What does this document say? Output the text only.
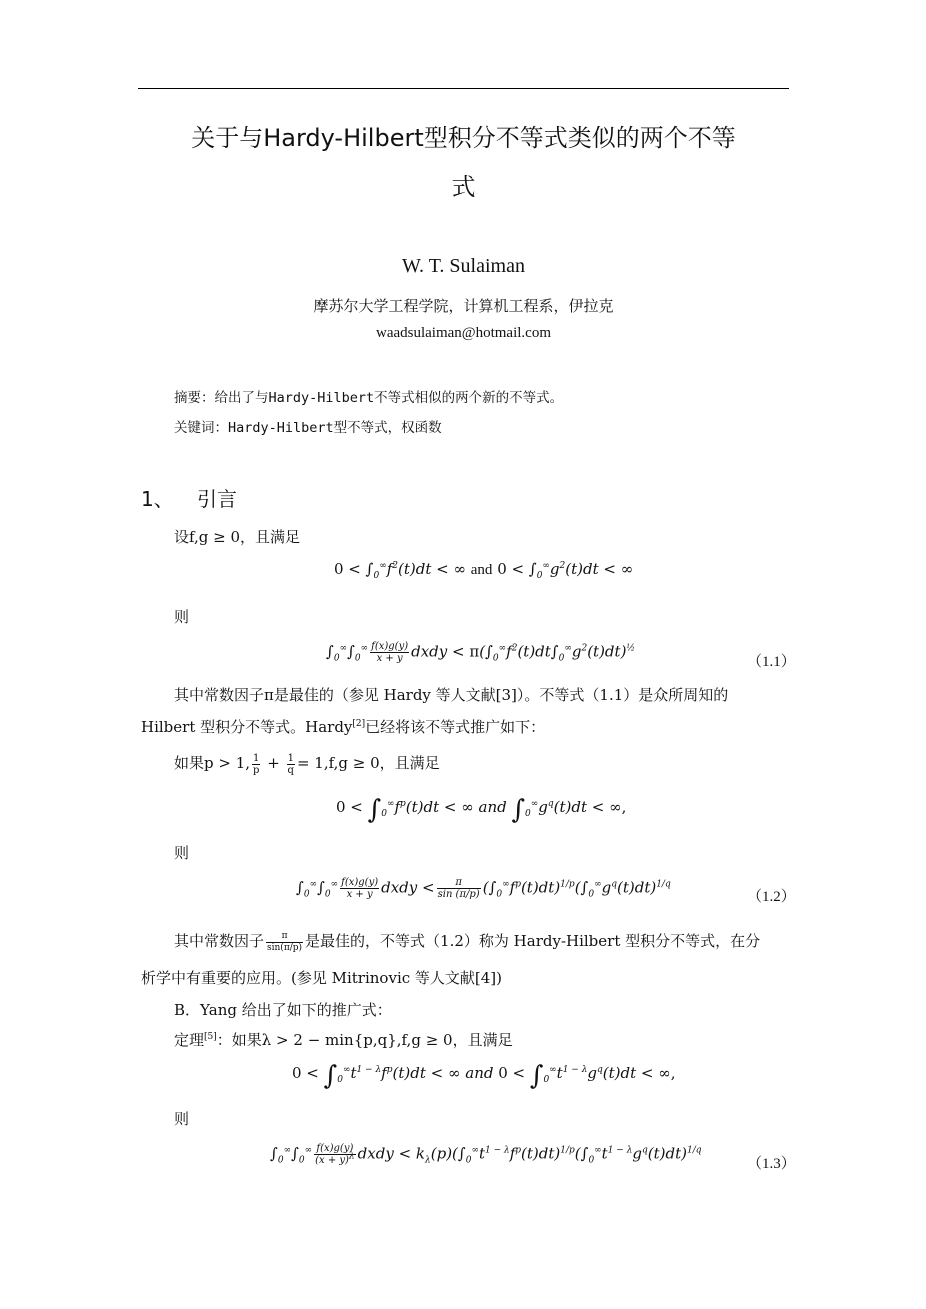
关于与Hardy-Hilbert型积分不等式类似的两个不等
式
W. T. Sulaiman
摩苏尔大学工程学院，计算机工程系，伊拉克
waadsulaiman@hotmail.com
摘要：给出了与Hardy-Hilbert不等式相似的两个新的不等式。
关键词：Hardy-Hilbert型不等式，权函数
1、 引言
设f,g ≥ 0，且满足
$0 < \int_0^\infty f^2(t)dt$ < ∞ and $0 < \int_0^\infty g^2(t)dt$ < ∞
则
$\int_0^\infty\int_0^\infty \frac{f(x)g(y)}{x + y}$ dxdy < $\pi(\int_0^\infty f^2(t)dt\int_0^\infty g^2(t)dt)^{\frac{1}{2}}$
（1.1）
其中常数因子π是最佳的（参见 Hardy 等人文献[3]）。不等式（1.1）是众所周知的
Hilbert 型积分不等式。Hardy[2]已经将该不等式推广如下：
如果p > 1, $\frac{1}{p} + \frac{1}{q} = 1,f,g \ge 0$，且满足
$0 < \int_0^\infty f^p(t)dt$ < ∞ and $\int_0^\infty g^q(t)dt$ < ∞,
则
$\int_0^\infty\int_0^\infty \frac{f(x)g(y)}{x + y}$ dxdy < $\frac{\pi}{\sin (\pi/p)} (\int_0^\infty f^p(t)dt)^{1/p}(\int_0^\infty g^q(t)dt)^{1/q}$
（1.2）
其中常数因子 $\frac{\pi}{\sin(\pi/p)}$ 是最佳的，不等式（1.2）称为 Hardy-Hilbert 型积分不等式，在分
析学中有重要的应用。(参见 Mitrinovic 等人文献[4])
B．Yang 给出了如下的推广式：
定理[5]：如果λ > 2 − min{p,q},f,g ≥ 0，且满足
$0 < \int_0^\infty t^{1 - \lambda}f^p(t)dt$ < ∞ and $0 < \int_0^\infty t^{1 - \lambda}g^q(t)dt$ < ∞,
则
$\int_0^\infty\int_0^\infty \frac{f(x)g(y)}{(x + y)^\lambda}$ dxdy < $k_\lambda(p)(\int_0^\infty t^{1 - \lambda}f^p(t)dt)^{1/p}(\int_0^\infty t^{1 - \lambda}g^q(t)dt)^{1/q}$
（1.3）
